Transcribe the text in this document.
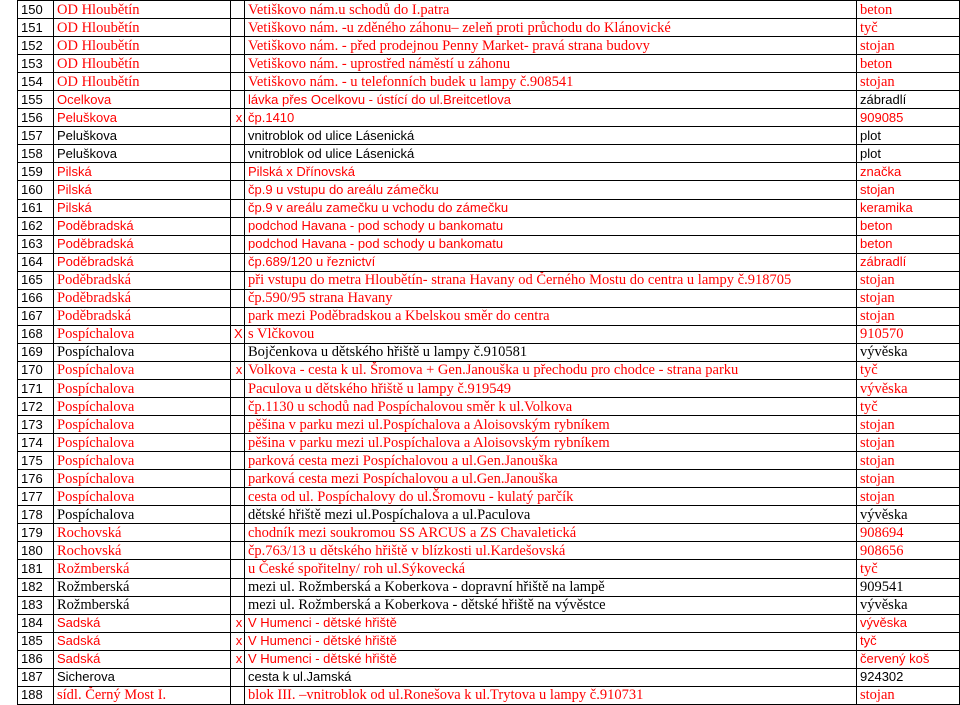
150	OD Hloubětín		Vetiškovo nám.u schodů do I.patra	beton
151	OD Hloubětín		Vetiškovo nám. -u zděného záhonu– zeleň proti průchodu do Klánovické	tyč
152	OD Hloubětín		Vetiškovo nám. - před prodejnou Penny Market- pravá strana budovy	stojan
153	OD Hloubětín		Vetiškovo nám. - uprostřed náměstí u záhonu	beton
154	OD Hloubětín		Vetiškovo nám. - u telefonních budek u lampy č.908541	stojan
155	Ocelkova		lávka přes Ocelkovu - ústící do ul.Breitcetlova	zábradlí
156	Peluškova	x	čp.1410	909085
157	Peluškova		vnitroblok od ulice Lásenická	plot
158	Peluškova		vnitroblok od ulice Lásenická	plot
159	Pilská		Pilská x Dřínovská	značka
160	Pilská		čp.9 u vstupu do areálu zámečku	stojan
161	Pilská		čp.9 v areálu zamečku u vchodu do zámečku	keramika
162	Poděbradská		podchod Havana - pod schody u bankomatu	beton
163	Poděbradská		podchod Havana - pod schody u bankomatu	beton
164	Poděbradská		čp.689/120 u řeznictví	zábradlí
165	Poděbradská		při vstupu do metra Hloubětín- strana Havany od Černého Mostu do centra u lampy č.918705	stojan
166	Poděbradská		čp.590/95 strana Havany	stojan
167	Poděbradská		park mezi Poděbradskou a Kbelskou směr do centra	stojan
168	Pospíchalova	X	s Vlčkovou	910570
169	Pospíchalova		Bojčenkova u dětského hřiště u lampy č.910581	vývěska
170	Pospíchalova	x	Volkova - cesta k ul. Šromova + Gen.Janouška u přechodu pro chodce - strana parku	tyč
171	Pospíchalova		Paculova u dětského hřiště u lampy č.919549	vývěska
172	Pospíchalova		čp.1130 u schodů nad Pospíchalovou směr k ul.Volkova	tyč
173	Pospíchalova		pěšina v parku mezi ul.Pospíchalova a Aloisovským rybníkem	stojan
174	Pospíchalova		pěšina v parku mezi ul.Pospíchalova a Aloisovským rybníkem	stojan
175	Pospíchalova		parková cesta mezi Pospíchalovou a ul.Gen.Janouška	stojan
176	Pospíchalova		parková cesta mezi Pospíchalovou a ul.Gen.Janouška	stojan
177	Pospíchalova		cesta od ul. Pospíchalovy do ul.Šromovu - kulatý parčík	stojan
178	Pospíchalova		dětské hřiště mezi ul.Pospíchalova a ul.Paculova	vývěska
179	Rochovská		chodník mezi soukromou SS ARCUS a ZS Chavaletická	908694
180	Rochovská		čp.763/13 u dětského hřiště v blízkosti ul.Kardešovská	908656
181	Rožmberská		u České spořitelny/ roh ul.Sýkovecká	tyč
182	Rožmberská		mezi ul. Rožmberská a Koberkova - dopravní hřiště na lampě	909541
183	Rožmberská		mezi ul. Rožmberská a Koberkova - dětské hřiště na vývěstce	vývěska
184	Sadská	x	V Humenci - dětské hřiště	vývěska
185	Sadská	x	V Humenci - dětské hřiště	tyč
186	Sadská	x	V Humenci - dětské hřiště	červený koš
187	Sicherova		cesta k ul.Jamská	924302
188	sídl. Černý Most I.		blok III. –vnitroblok od ul.Ronešova k ul.Trytova u lampy č.910731	stojan
